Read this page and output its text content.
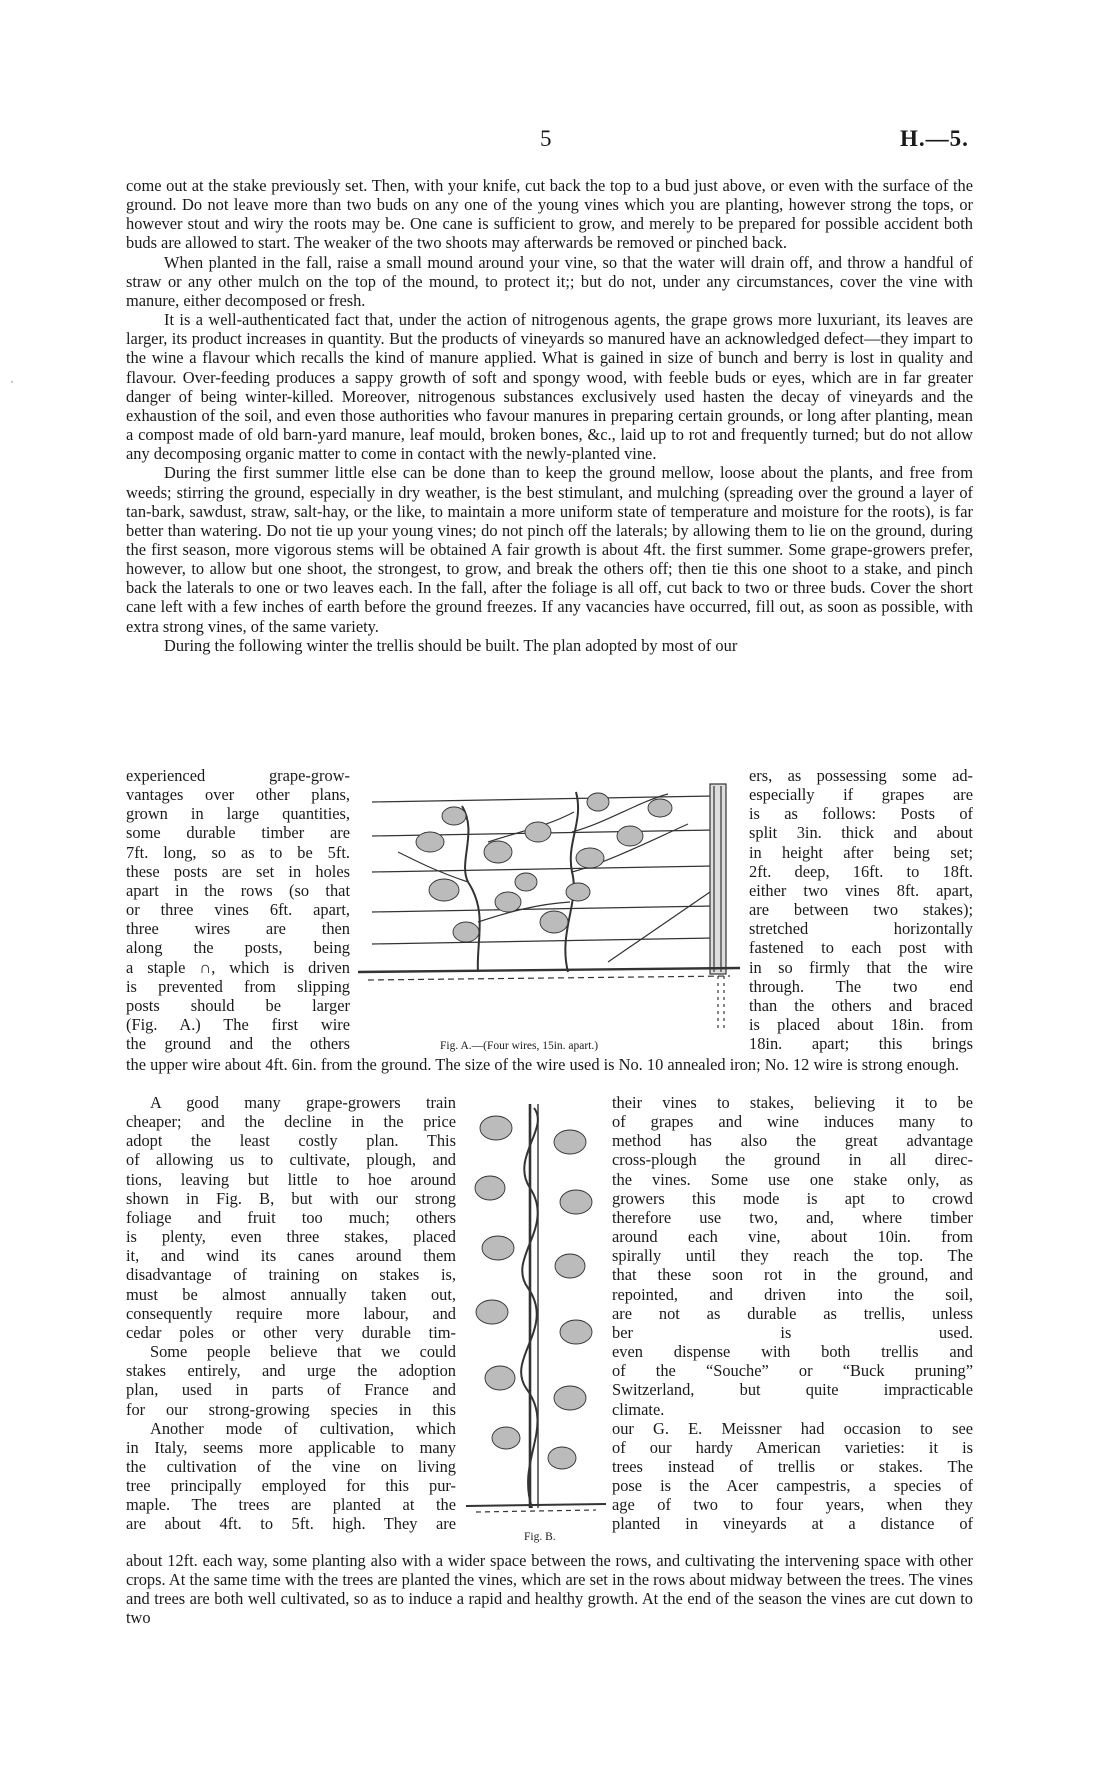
5	H.—5.

come out at the stake previously set. Then, with your knife, cut back the top to a bud just above, or even with the surface of the ground. Do not leave more than two buds on any one of the young vines which you are planting, however strong the tops, or however stout and wiry the roots may be. One cane is sufficient to grow, and merely to be prepared for possible accident both buds are allowed to start. The weaker of the two shoots may afterwards be removed or pinched back.

When planted in the fall, raise a small mound around your vine, so that the water will drain off, and throw a handful of straw or any other mulch on the top of the mound, to protect it;; but do not, under any circumstances, cover the vine with manure, either decomposed or fresh.

It is a well-authenticated fact that, under the action of nitrogenous agents, the grape grows more luxuriant, its leaves are larger, its product increases in quantity. But the products of vineyards so manured have an acknowledged defect—they impart to the wine a flavour which recalls the kind of manure applied. What is gained in size of bunch and berry is lost in quality and flavour. Over-feeding produces a sappy growth of soft and spongy wood, with feeble buds or eyes, which are in far greater danger of being winter-killed. Moreover, nitrogenous substances exclusively used hasten the decay of vineyards and the exhaustion of the soil, and even those authorities who favour manures in preparing certain grounds, or long after planting, mean a compost made of old barn-yard manure, leaf mould, broken bones, &c., laid up to rot and frequently turned; but do not allow any decomposing organic matter to come in contact with the newly-planted vine.

During the first summer little else can be done than to keep the ground mellow, loose about the plants, and free from weeds; stirring the ground, especially in dry weather, is the best stimulant, and mulching (spreading over the ground a layer of tan-bark, sawdust, straw, salt-hay, or the like, to maintain a more uniform state of temperature and moisture for the roots), is far better than watering. Do not tie up your young vines; do not pinch off the laterals; by allowing them to lie on the ground, during the first season, more vigorous stems will be obtained A fair growth is about 4ft. the first summer. Some grape-growers prefer, however, to allow but one shoot, the strongest, to grow, and break the others off; then tie this one shoot to a stake, and pinch back the laterals to one or two leaves each. In the fall, after the foliage is all off, cut back to two or three buds. Cover the short cane left with a few inches of earth before the ground freezes. If any vacancies have occurred, fill out, as soon as possible, with extra strong vines, of the same variety.

During the following winter the trellis should be built. The plan adopted by most of our

experienced grape-grow-
vantages over other plans,
grown in large quantities,
some durable timber are
7ft. long, so as to be 5ft.
these posts are set in holes
apart in the rows (so that
or three vines 6ft. apart,
three wires are then
along the posts, being
a staple ∩, which is driven
is prevented from slipping
posts should be larger
(Fig. A.) The first wire
the ground and the others
ers, as possessing some ad-
especially if grapes are
is as follows: Posts of
split 3in. thick and about
in height after being set;
2ft. deep, 16ft. to 18ft.
either two vines 8ft. apart,
are between two stakes);
stretched horizontally
fastened to each post with
in so firmly that the wire
through. The two end
than the others and braced
is placed about 18in. from
18in. apart; this brings
Fig. A.—(Four wires, 15in. apart.)

the upper wire about 4ft. 6in. from the ground. The size of the wire used is No. 10 annealed iron; No. 12 wire is strong enough.

A good many grape-growers train
cheaper; and the decline in the price
adopt the least costly plan. This
of allowing us to cultivate, plough, and
tions, leaving but little to hoe around
shown in Fig. B, but with our strong
foliage and fruit too much; others
is plenty, even three stakes, placed
it, and wind its canes around them
disadvantage of training on stakes is,
must be almost annually taken out,
consequently require more labour, and
cedar poles or other very durable tim-
Some people believe that we could
stakes entirely, and urge the adoption
plan, used in parts of France and
for our strong-growing species in this
Another mode of cultivation, which
in Italy, seems more applicable to many
the cultivation of the vine on living
tree principally employed for this pur-
maple. The trees are planted at the
are about 4ft. to 5ft. high. They are
their vines to stakes, believing it to be
of grapes and wine induces many to
method has also the great advantage
cross-plough the ground in all direc-
the vines. Some use one stake only, as
growers this mode is apt to crowd
therefore use two, and, where timber
around each vine, about 10in. from
spirally until they reach the top. The
that these soon rot in the ground, and
repointed, and driven into the soil,
are not as durable as trellis, unless
ber is used.
even dispense with both trellis and
of the “Souche” or “Buck pruning”
Switzerland, but quite impracticable
climate.
our G. E. Meissner had occasion to see
of our hardy American varieties: it is
trees instead of trellis or stakes. The
pose is the Acer campestris, a species of
age of two to four years, when they
planted in vineyards at a distance of
Fig. B.

about 12ft. each way, some planting also with a wider space between the rows, and cultivating the intervening space with other crops. At the same time with the trees are planted the vines, which are set in the rows about midway between the trees. The vines and trees are both well cultivated, so as to induce a rapid and healthy growth. At the end of the season the vines are cut down to two

˙
